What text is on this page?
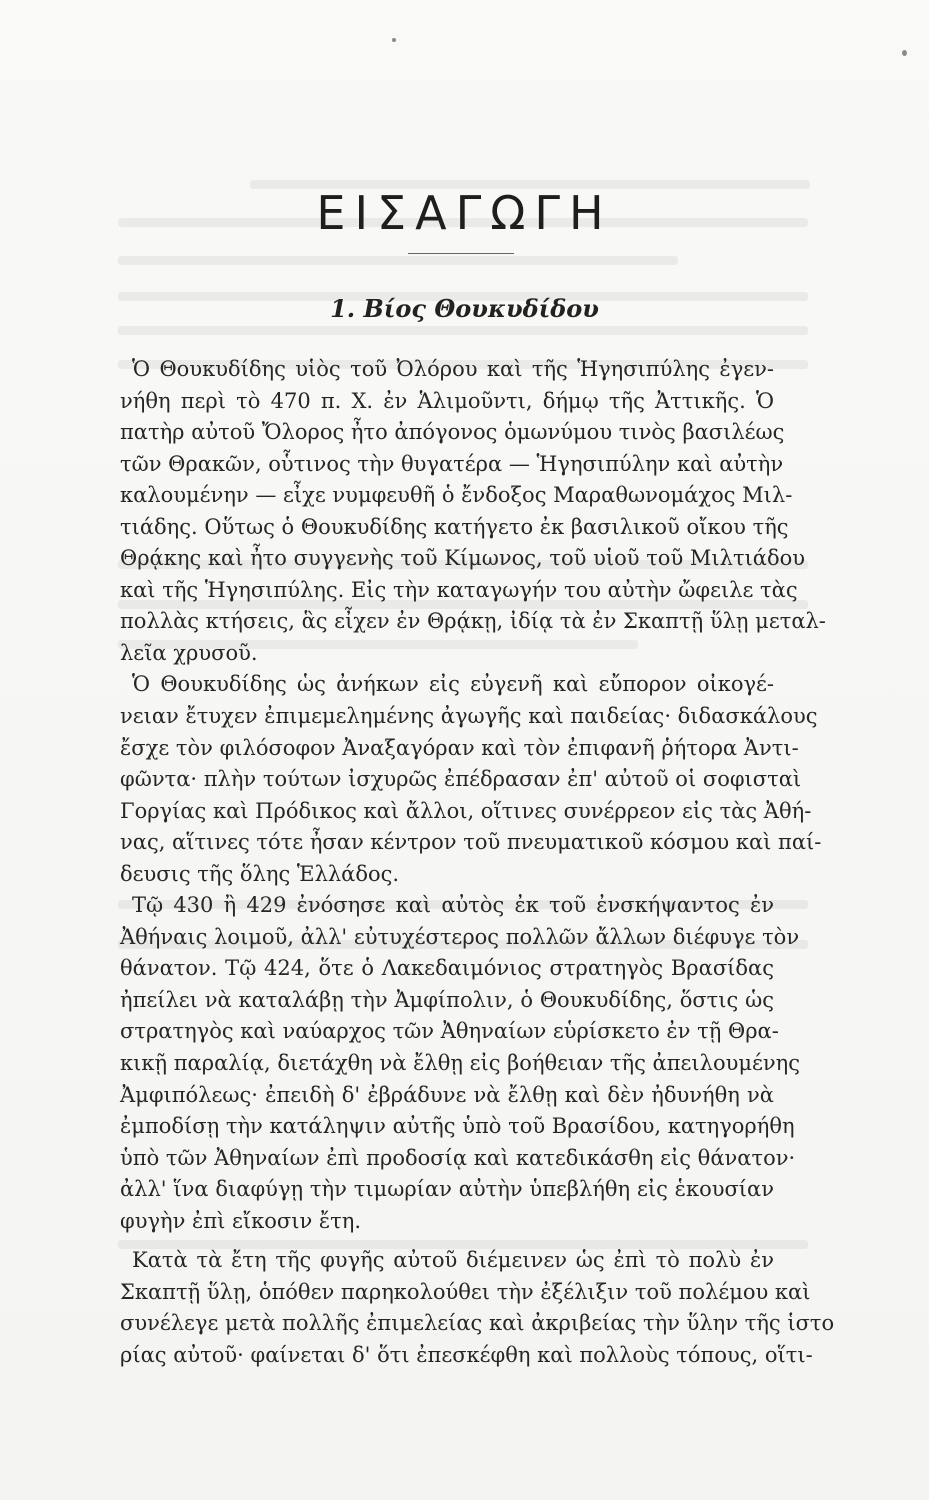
ΕΙΣΑΓΩΓΗ
1. Βίος Θουκυδίδου
Ὁ Θουκυδίδης υἱὸς τοῦ Ὀλόρου καὶ τῆς Ἡγησιπύλης ἐγεν-
νήθη περὶ τὸ 470 π. Χ. ἐν Ἁλιμοῦντι, δήμῳ τῆς Ἀττικῆς. Ὁ
πατὴρ αὐτοῦ Ὄλορος ἦτο ἀπόγονος ὁμωνύμου τινὸς βασιλέως
τῶν Θρακῶν, οὗτινος τὴν θυγατέρα — Ἡγησιπύλην καὶ αὐτὴν
καλουμένην — εἶχε νυμφευθῆ ὁ ἔνδοξος Μαραθωνομάχος Μιλ-
τιάδης. Οὕτως ὁ Θουκυδίδης κατήγετο ἐκ βασιλικοῦ οἴκου τῆς
Θρᾴκης καὶ ἦτο συγγενὴς τοῦ Κίμωνος, τοῦ υἱοῦ τοῦ Μιλτιάδου
καὶ τῆς Ἡγησιπύλης. Εἰς τὴν καταγωγήν του αὐτὴν ὤφειλε τὰς
πολλὰς κτήσεις, ἃς εἶχεν ἐν Θρᾴκῃ, ἰδίᾳ τὰ ἐν Σκαπτῇ ὕλῃ μεταλ-
λεῖα χρυσοῦ.
Ὁ Θουκυδίδης ὡς ἀνήκων εἰς εὐγενῆ καὶ εὔπορον οἰκογέ-
νειαν ἔτυχεν ἐπιμεμελημένης ἀγωγῆς καὶ παιδείας· διδασκάλους
ἔσχε τὸν φιλόσοφον Ἀναξαγόραν καὶ τὸν ἐπιφανῆ ῥήτορα Ἀντι-
φῶντα· πλὴν τούτων ἰσχυρῶς ἐπέδρασαν ἐπ' αὐτοῦ οἱ σοφισταὶ
Γοργίας καὶ Πρόδικος καὶ ἄλλοι, οἵτινες συνέρρεον εἰς τὰς Ἀθή-
νας, αἵτινες τότε ἦσαν κέντρον τοῦ πνευματικοῦ κόσμου καὶ παί-
δευσις τῆς ὅλης Ἑλλάδος.
Τῷ 430 ἢ 429 ἐνόσησε καὶ αὐτὸς ἐκ τοῦ ἐνσκήψαντος ἐν
Ἀθήναις λοιμοῦ, ἀλλ' εὐτυχέστερος πολλῶν ἄλλων διέφυγε τὸν
θάνατον. Τῷ 424, ὅτε ὁ Λακεδαιμόνιος στρατηγὸς Βρασίδας
ἠπείλει νὰ καταλάβῃ τὴν Ἀμφίπολιν, ὁ Θουκυδίδης, ὅστις ὡς
στρατηγὸς καὶ ναύαρχος τῶν Ἀθηναίων εὑρίσκετο ἐν τῇ Θρα-
κικῇ παραλίᾳ, διετάχθη νὰ ἔλθῃ εἰς βοήθειαν τῆς ἀπειλουμένης
Ἀμφιπόλεως· ἐπειδὴ δ' ἐβράδυνε νὰ ἔλθῃ καὶ δὲν ἠδυνήθη νὰ
ἐμποδίσῃ τὴν κατάληψιν αὐτῆς ὑπὸ τοῦ Βρασίδου, κατηγορήθη
ὑπὸ τῶν Ἀθηναίων ἐπὶ προδοσίᾳ καὶ κατεδικάσθη εἰς θάνατον·
ἀλλ' ἵνα διαφύγῃ τὴν τιμωρίαν αὐτὴν ὑπεβλήθη εἰς ἑκουσίαν
φυγὴν ἐπὶ εἴκοσιν ἔτη.
Κατὰ τὰ ἔτη τῆς φυγῆς αὐτοῦ διέμεινεν ὡς ἐπὶ τὸ πολὺ ἐν
Σκαπτῇ ὕλῃ, ὁπόθεν παρηκολούθει τὴν ἐξέλιξιν τοῦ πολέμου καὶ
συνέλεγε μετὰ πολλῆς ἐπιμελείας καὶ ἀκριβείας τὴν ὕλην τῆς ἱστο
ρίας αὐτοῦ· φαίνεται δ' ὅτι ἐπεσκέφθη καὶ πολλοὺς τόπους, οἵτι-
